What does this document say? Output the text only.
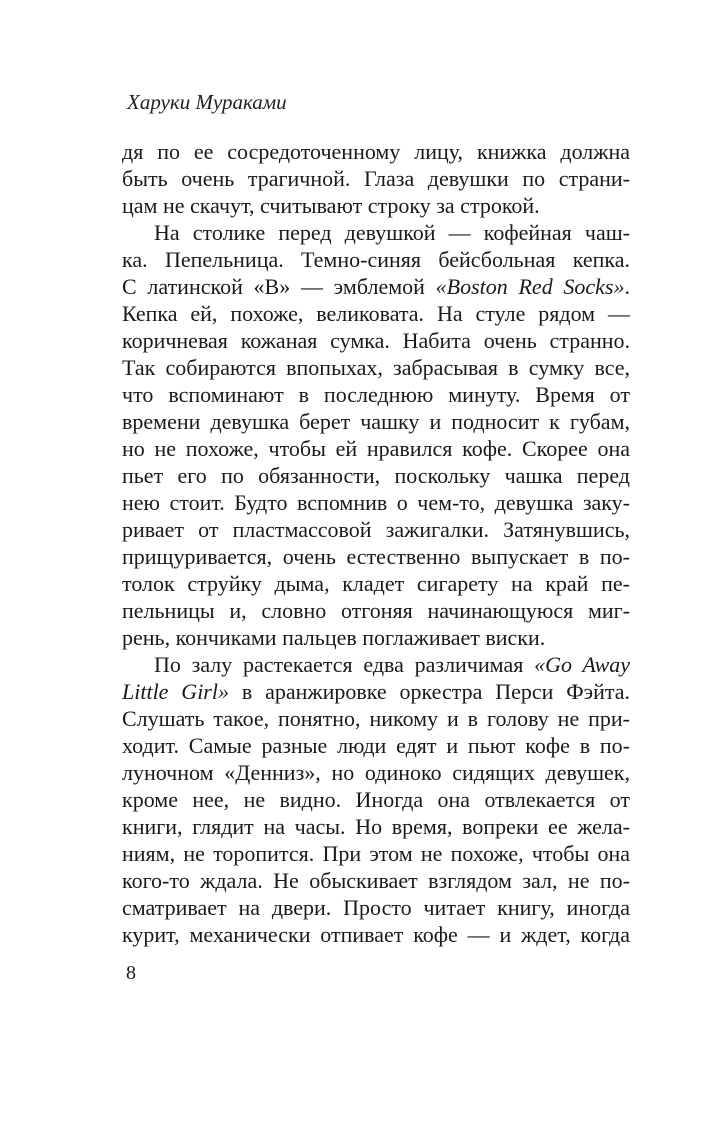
Харуки Мураками
дя по ее сосредоточенному лицу, книжка должна
быть очень трагичной. Глаза девушки по страни-
цам не скачут, считывают строку за строкой.
На столике перед девушкой — кофейная чаш-
ка. Пепельница. Темно-синяя бейсбольная кепка.
С латинской «B» — эмблемой «Boston Red Socks».
Кепка ей, похоже, великовата. На стуле рядом —
коричневая кожаная сумка. Набита очень странно.
Так собираются впопыхах, забрасывая в сумку все,
что вспоминают в последнюю минуту. Время от
времени девушка берет чашку и подносит к губам,
но не похоже, чтобы ей нравился кофе. Скорее она
пьет его по обязанности, поскольку чашка перед
нею стоит. Будто вспомнив о чем-то, девушка заку-
ривает от пластмассовой зажигалки. Затянувшись,
прищуривается, очень естественно выпускает в по-
толок струйку дыма, кладет сигарету на край пе-
пельницы и, словно отгоняя начинающуюся миг-
рень, кончиками пальцев поглаживает виски.
По залу растекается едва различимая «Go Away
Little Girl» в аранжировке оркестра Перси Фэйта.
Слушать такое, понятно, никому и в голову не при-
ходит. Самые разные люди едят и пьют кофе в по-
луночном «Денниз», но одиноко сидящих девушек,
кроме нее, не видно. Иногда она отвлекается от
книги, глядит на часы. Но время, вопреки ее жела-
ниям, не торопится. При этом не похоже, чтобы она
кого-то ждала. Не обыскивает взглядом зал, не по-
сматривает на двери. Просто читает книгу, иногда
курит, механически отпивает кофе — и ждет, когда
8
